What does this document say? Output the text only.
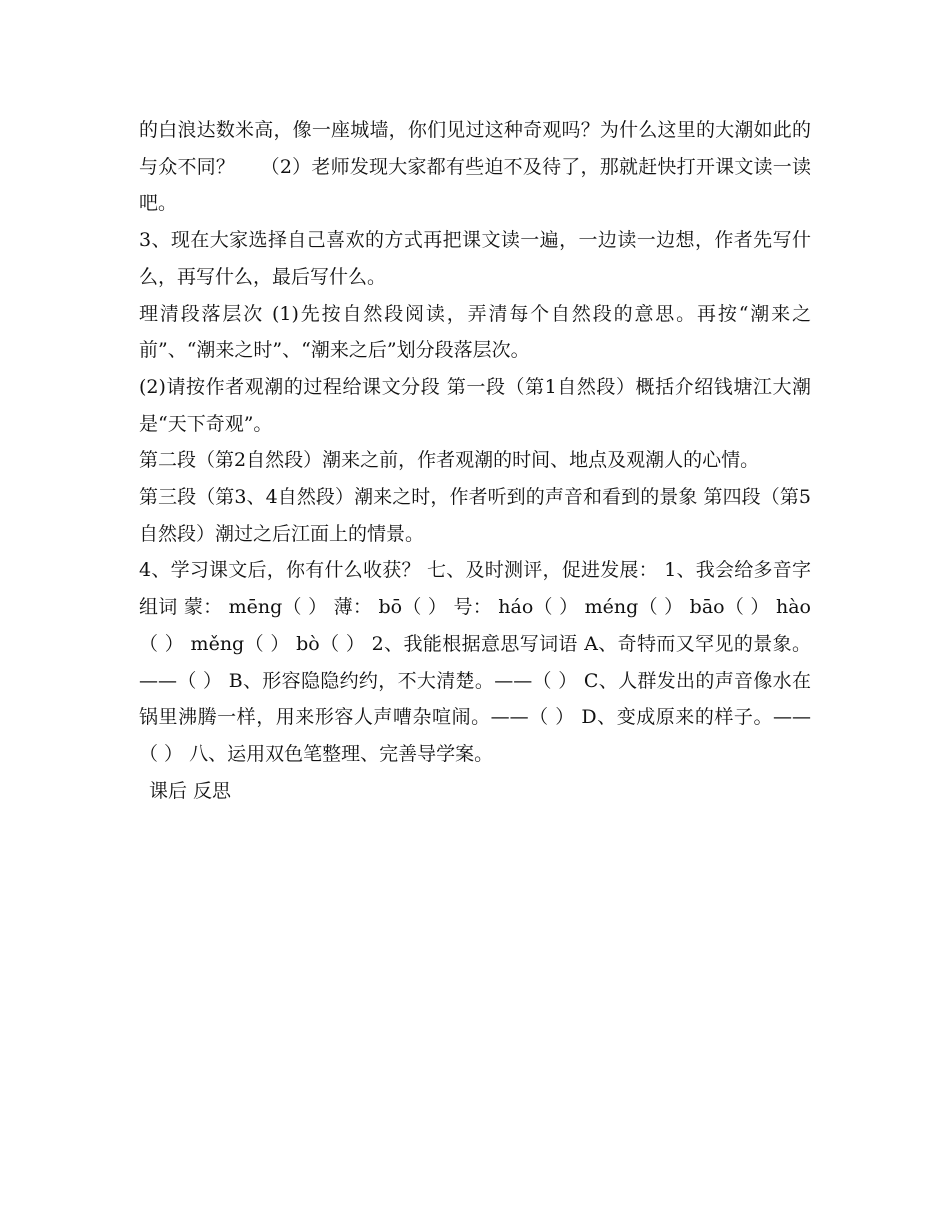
的白浪达数米高，像一座城墙，你们见过这种奇观吗？为什么这里的大潮如此的与众不同？　 （2）老师发现大家都有些迫不及待了，那就赶快打开课文读一读吧。

3、现在大家选择自己喜欢的方式再把课文读一遍，一边读一边想，作者先写什么，再写什么，最后写什么。

理清段落层次 (1)先按自然段阅读，弄清每个自然段的意思。再按“潮来之前”、“潮来之时”、“潮来之后”划分段落层次。

(2)请按作者观潮的过程给课文分段 第一段（第1自然段）概括介绍钱塘江大潮是“天下奇观”。

第二段（第2自然段）潮来之前，作者观潮的时间、地点及观潮人的心情。

第三段（第3、4自然段）潮来之时，作者听到的声音和看到的景象 第四段（第5自然段）潮过之后江面上的情景。

4、学习课文后，你有什么收获？ 七、及时测评，促进发展： 1、我会给多音字组词 蒙： mēng（ ） 薄： bō（ ） 号： háo（ ） méng（ ） bāo（ ） hào（ ） měng（ ） bò（ ） 2、我能根据意思写词语 A、奇特而又罕见的景象。——（ ） B、形容隐隐约约，不大清楚。——（ ） C、人群发出的声音像水在锅里沸腾一样，用来形容人声嘈杂喧闹。——（ ） D、变成原来的样子。——（ ） 八、运用双色笔整理、完善导学案。

课后 反思
